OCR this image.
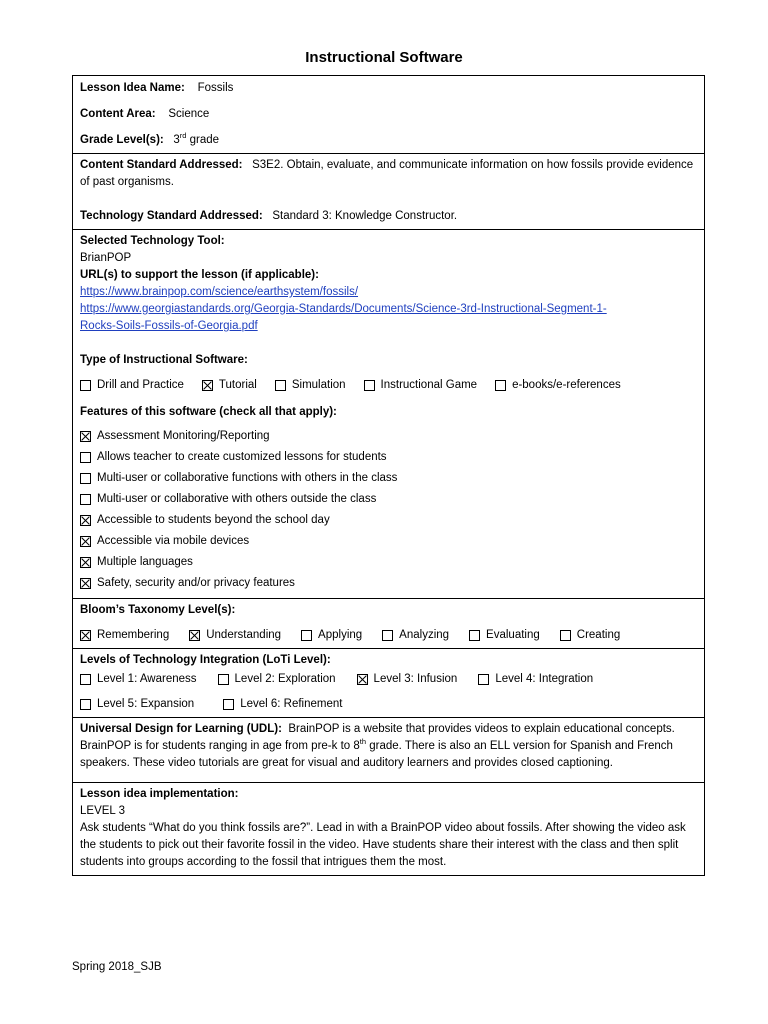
Instructional Software
Lesson Idea Name: Fossils
Content Area: Science
Grade Level(s): 3rd grade

Content Standard Addressed: S3E2. Obtain, evaluate, and communicate information on how fossils provide evidence of past organisms.
Technology Standard Addressed: Standard 3: Knowledge Constructor.

Selected Technology Tool:
BrianPOP
URL(s) to support the lesson (if applicable):
https://www.brainpop.com/science/earthsystem/fossils/
https://www.georgiastandards.org/Georgia-Standards/Documents/Science-3rd-Instructional-Segment-1-
Rocks-Soils-Fossils-of-Georgia.pdf
Type of Instructional Software:
Drill and Practice	Tutorial	Simulation	Instructional Game	e-books/e-references
Features of this software (check all that apply):
Assessment Monitoring/Reporting
Allows teacher to create customized lessons for students
Multi-user or collaborative functions with others in the class
Multi-user or collaborative with others outside the class
Accessible to students beyond the school day
Accessible via mobile devices
Multiple languages
Safety, security and/or privacy features

Bloom’s Taxonomy Level(s):
Remembering	Understanding	Applying	Analyzing	Evaluating	Creating

Levels of Technology Integration (LoTi Level):
Level 1: Awareness	Level 2: Exploration	Level 3: Infusion	Level 4: Integration
Level 5: Expansion	Level 6: Refinement

Universal Design for Learning (UDL): BrainPOP is a website that provides videos to explain educational concepts. BrainPOP is for students ranging in age from pre-k to 8th grade. There is also an ELL version for Spanish and French speakers. These video tutorials are great for visual and auditory learners and provides closed captioning.

Lesson idea implementation:
LEVEL 3
Ask students “What do you think fossils are?”. Lead in with a BrainPOP video about fossils. After showing the video ask the students to pick out their favorite fossil in the video. Have students share their interest with the class and then split students into groups according to the fossil that intrigues them the most.
Spring 2018_SJB
